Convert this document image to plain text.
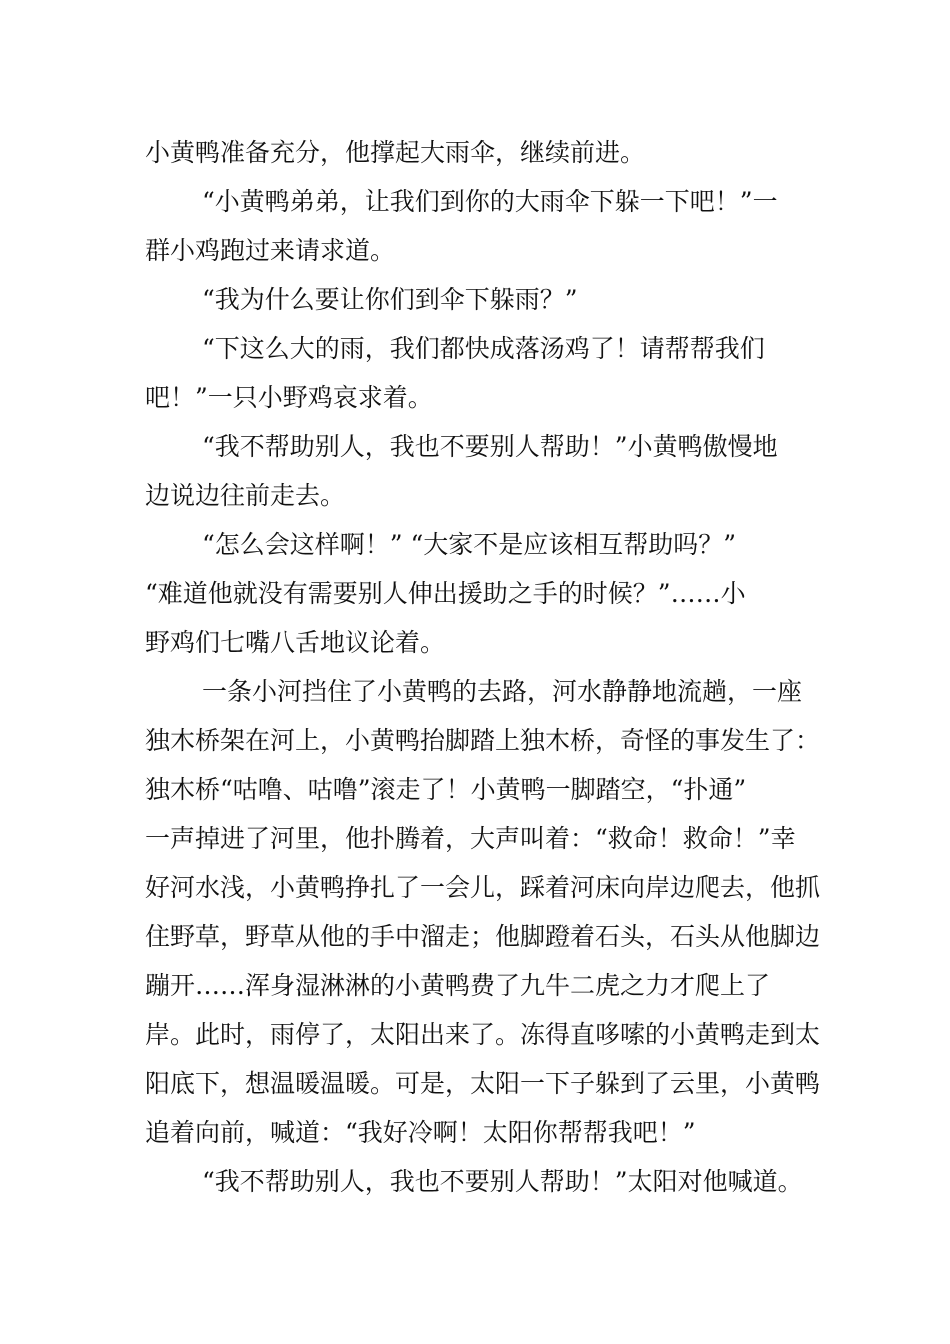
小黄鸭准备充分，他撑起大雨伞，继续前进。
“小黄鸭弟弟，让我们到你的大雨伞下躲一下吧！”一
群小鸡跑过来请求道。
“我为什么要让你们到伞下躲雨？”
“下这么大的雨，我们都快成落汤鸡了！请帮帮我们
吧！”一只小野鸡哀求着。
“我不帮助别人，我也不要别人帮助！”小黄鸭傲慢地
边说边往前走去。
“怎么会这样啊！” “大家不是应该相互帮助吗？”
“难道他就没有需要别人伸出援助之手的时候？”……小
野鸡们七嘴八舌地议论着。
一条小河挡住了小黄鸭的去路，河水静静地流趟，一座
独木桥架在河上，小黄鸭抬脚踏上独木桥，奇怪的事发生了：
独木桥“咕噜、咕噜”滚走了！小黄鸭一脚踏空，“扑通”
一声掉进了河里，他扑腾着，大声叫着：“救命！救命！”幸
好河水浅，小黄鸭挣扎了一会儿，踩着河床向岸边爬去，他抓
住野草，野草从他的手中溜走；他脚蹬着石头，石头从他脚边
蹦开……浑身湿淋淋的小黄鸭费了九牛二虎之力才爬上了
岸。此时，雨停了，太阳出来了。冻得直哆嗦的小黄鸭走到太
阳底下，想温暖温暖。可是，太阳一下子躲到了云里，小黄鸭
追着向前，喊道：“我好冷啊！太阳你帮帮我吧！”
“我不帮助别人，我也不要别人帮助！”太阳对他喊道。
